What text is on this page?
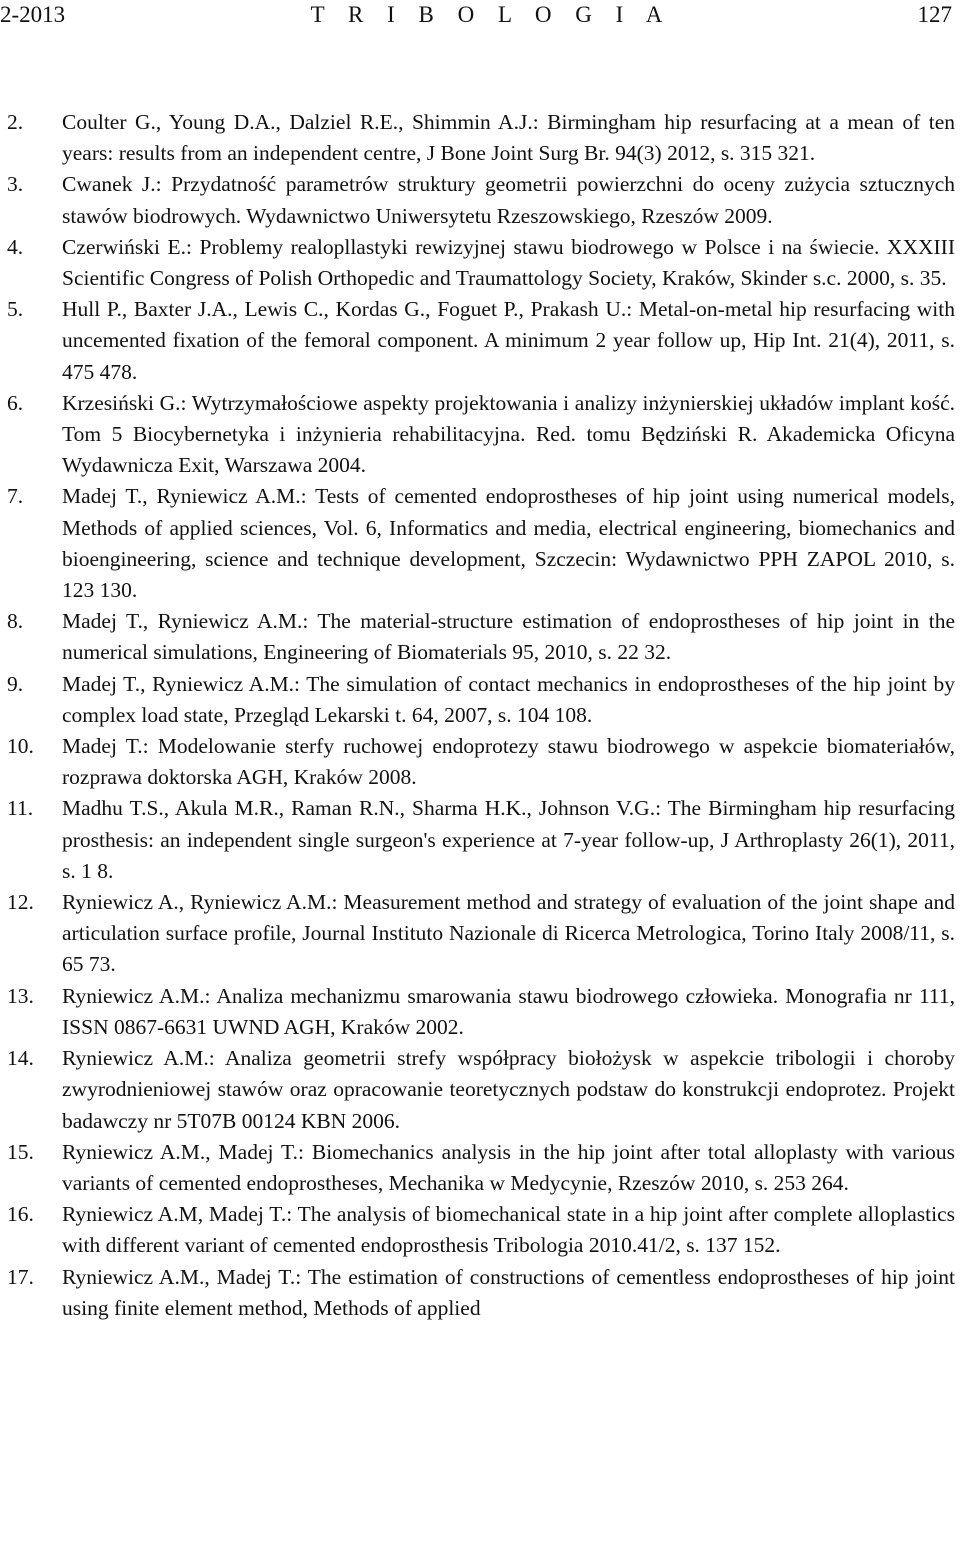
2-2013	T R I B O L O G I A	127
2. Coulter G., Young D.A., Dalziel R.E., Shimmin A.J.: Birmingham hip resurfacing at a mean of ten years: results from an independent centre, J Bone Joint Surg Br. 94(3) 2012, s. 315 321.
3. Cwanek J.: Przydatność parametrów struktury geometrii powierzchni do oceny zużycia sztucznych stawów biodrowych. Wydawnictwo Uniwersytetu Rzeszowskiego, Rzeszów 2009.
4. Czerwiński E.: Problemy realopllastyki rewizyjnej stawu biodrowego w Polsce i na świecie. XXXIII Scientific Congress of Polish Orthopedic and Traumattology Society, Kraków, Skinder s.c. 2000, s. 35.
5. Hull P., Baxter J.A., Lewis C., Kordas G., Foguet P., Prakash U.: Metal-on-metal hip resurfacing with uncemented fixation of the femoral component. A minimum 2 year follow up, Hip Int. 21(4), 2011, s. 475 478.
6. Krzesiński G.: Wytrzymałościowe aspekty projektowania i analizy inżynierskiej układów implant kość. Tom 5 Biocybernetyka i inżynieria rehabilitacyjna. Red. tomu Będziński R. Akademicka Oficyna Wydawnicza Exit, Warszawa 2004.
7. Madej T., Ryniewicz A.M.: Tests of cemented endoprostheses of hip joint using numerical models, Methods of applied sciences, Vol. 6, Informatics and media, electrical engineering, biomechanics and bioengineering, science and technique development, Szczecin: Wydawnictwo PPH ZAPOL 2010, s. 123 130.
8. Madej T., Ryniewicz A.M.: The material-structure estimation of endoprostheses of hip joint in the numerical simulations, Engineering of Biomaterials 95, 2010, s. 22 32.
9. Madej T., Ryniewicz A.M.: The simulation of contact mechanics in endoprostheses of the hip joint by complex load state, Przegląd Lekarski t. 64, 2007, s. 104 108.
10. Madej T.: Modelowanie sterfy ruchowej endoprotezy stawu biodrowego w aspekcie biomateriałów, rozprawa doktorska AGH, Kraków 2008.
11. Madhu T.S., Akula M.R., Raman R.N., Sharma H.K., Johnson V.G.: The Birmingham hip resurfacing prosthesis: an independent single surgeon's experience at 7-year follow-up, J Arthroplasty 26(1), 2011, s. 1 8.
12. Ryniewicz A., Ryniewicz A.M.: Measurement method and strategy of evaluation of the joint shape and articulation surface profile, Journal Instituto Nazionale di Ricerca Metrologica, Torino Italy 2008/11, s. 65 73.
13. Ryniewicz A.M.: Analiza mechanizmu smarowania stawu biodrowego człowieka. Monografia nr 111, ISSN 0867-6631 UWND AGH, Kraków 2002.
14. Ryniewicz A.M.: Analiza geometrii strefy współpracy biołożysk w aspekcie tribologii i choroby zwyrodnieniowej stawów oraz opracowanie teoretycznych podstaw do konstrukcji endoprotez. Projekt badawczy nr 5T07B 00124 KBN 2006.
15. Ryniewicz A.M., Madej T.: Biomechanics analysis in the hip joint after total alloplasty with various variants of cemented endoprostheses, Mechanika w Medycynie, Rzeszów 2010, s. 253 264.
16. Ryniewicz A.M, Madej T.: The analysis of biomechanical state in a hip joint after complete alloplastics with different variant of cemented endoprosthesis Tribologia 2010.41/2, s. 137 152.
17. Ryniewicz A.M., Madej T.: The estimation of constructions of cementless endoprostheses of hip joint using finite element method, Methods of applied
